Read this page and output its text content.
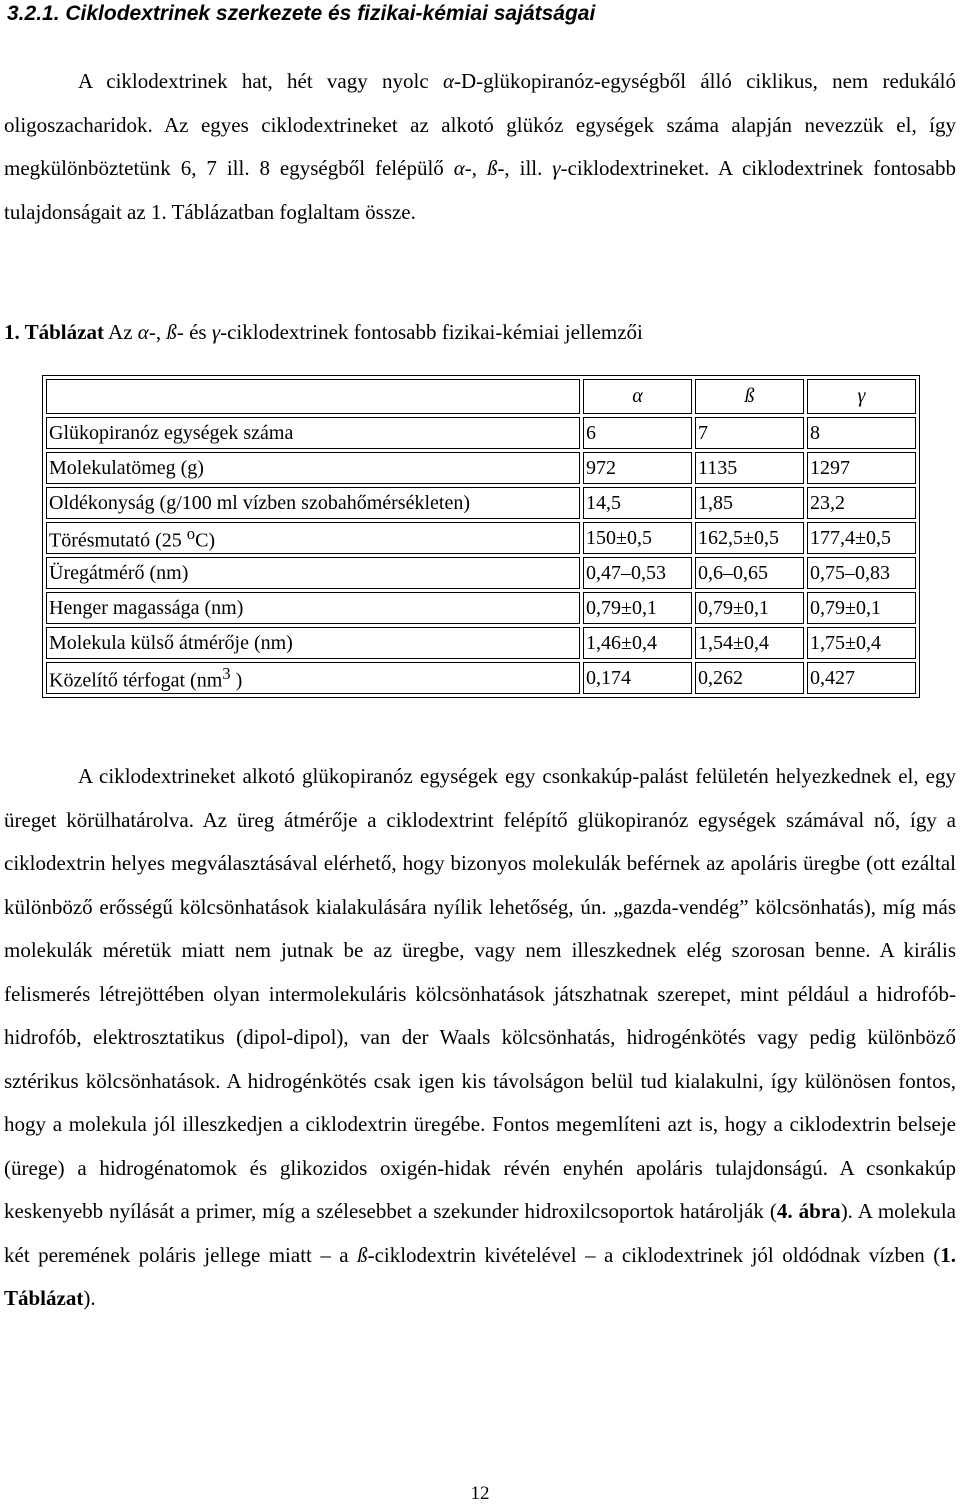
3.2.1. Ciklodextrinek szerkezete és fizikai-kémiai sajátságai

A ciklodextrinek hat, hét vagy nyolc α-D-glükopiranóz-egységből álló ciklikus, nem redukáló oligoszacharidok. Az egyes ciklodextrineket az alkotó glükóz egységek száma alapján nevezzük el, így megkülönböztetünk 6, 7 ill. 8 egységből felépülő α-, ß-, ill. γ-ciklodextrineket. A ciklodextrinek fontosabb tulajdonságait az 1. Táblázatban foglaltam össze.

1. Táblázat Az α-, ß- és γ-ciklodextrinek fontosabb fizikai-kémiai jellemzői

	α	ß	γ
Glükopiranóz egységek száma	6	7	8
Molekulatömeg (g)	972	1135	1297
Oldékonyság (g/100 ml vízben szobahőmérsékleten)	14,5	1,85	23,2
Törésmutató (25 $^o$C)	150±0,5	162,5±0,5	177,4±0,5
Üregátmérő (nm)	0,47–0,53	0,6–0,65	0,75–0,83
Henger magassága (nm)	0,79±0,1	0,79±0,1	0,79±0,1
Molekula külső átmérője (nm)	1,46±0,4	1,54±0,4	1,75±0,4
Közelítő térfogat ($nm^3$ )	0,174	0,262	0,427

A ciklodextrineket alkotó glükopiranóz egységek egy csonkakúp-palást felületén helyezkednek el, egy üreget körülhatárolva. Az üreg átmérője a ciklodextrint felépítő glükopiranóz egységek számával nő, így a ciklodextrin helyes megválasztásával elérhető, hogy bizonyos molekulák beférnek az apoláris üregbe (ott ezáltal különböző erősségű kölcsönhatások kialakulására nyílik lehetőség, ún. „gazda-vendég” kölcsönhatás), míg más molekulák méretük miatt nem jutnak be az üregbe, vagy nem illeszkednek elég szorosan benne. A királis felismerés létrejöttében olyan intermolekuláris kölcsönhatások játszhatnak szerepet, mint például a hidrofób-hidrofób, elektrosztatikus (dipol-dipol), van der Waals kölcsönhatás, hidrogénkötés vagy pedig különböző sztérikus kölcsönhatások. A hidrogénkötés csak igen kis távolságon belül tud kialakulni, így különösen fontos, hogy a molekula jól illeszkedjen a ciklodextrin üregébe. Fontos megemlíteni azt is, hogy a ciklodextrin belseje (ürege) a hidrogénatomok és glikozidos oxigén-hidak révén enyhén apoláris tulajdonságú. A csonkakúp keskenyebb nyílását a primer, míg a szélesebbet a szekunder hidroxilcsoportok határolják (4. ábra). A molekula két peremének poláris jellege miatt – a ß-ciklodextrin kivételével – a ciklodextrinek jól oldódnak vízben (1. Táblázat).

12
